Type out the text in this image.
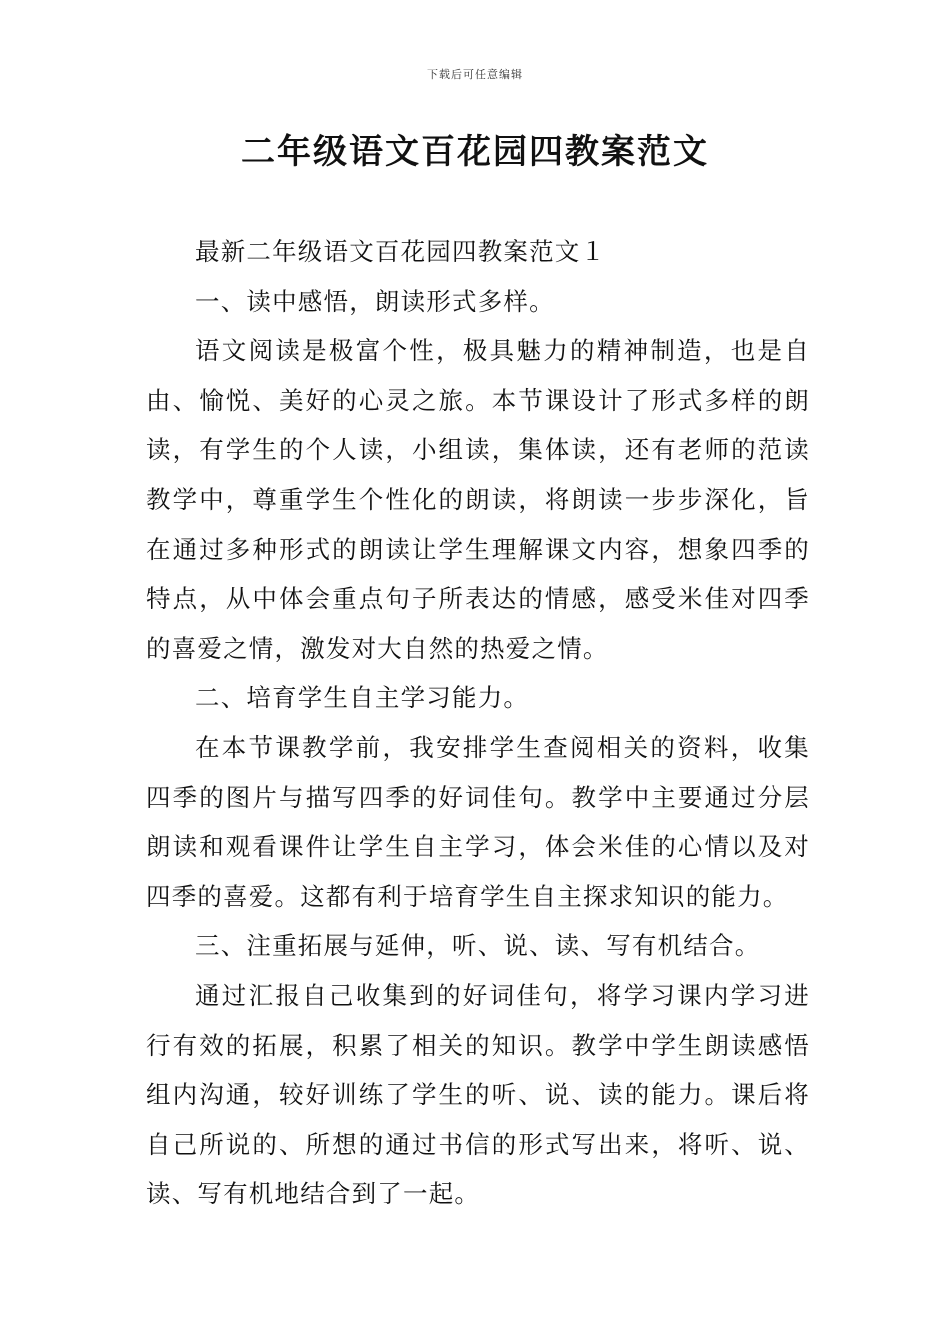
下载后可任意编辑
二年级语文百花园四教案范文

最新二年级语文百花园四教案范文１

一、读中感悟，朗读形式多样。

语文阅读是极富个性，极具魅力的精神制造，也是自由、愉悦、美好的心灵之旅。本节课设计了形式多样的朗读，有学生的个人读，小组读，集体读，还有老师的范读教学中，尊重学生个性化的朗读，将朗读一步步深化，旨在通过多种形式的朗读让学生理解课文内容，想象四季的特点，从中体会重点句子所表达的情感，感受米佳对四季的喜爱之情，激发对大自然的热爱之情。

二、培育学生自主学习能力。

在本节课教学前，我安排学生查阅相关的资料，收集四季的图片与描写四季的好词佳句。教学中主要通过分层朗读和观看课件让学生自主学习，体会米佳的心情以及对四季的喜爱。这都有利于培育学生自主探求知识的能力。

三、注重拓展与延伸，听、说、读、写有机结合。

通过汇报自己收集到的好词佳句，将学习课内学习进行有效的拓展，积累了相关的知识。教学中学生朗读感悟组内沟通，较好训练了学生的听、说、读的能力。课后将自己所说的、所想的通过书信的形式写出来，将听、说、读、写有机地结合到了一起。
